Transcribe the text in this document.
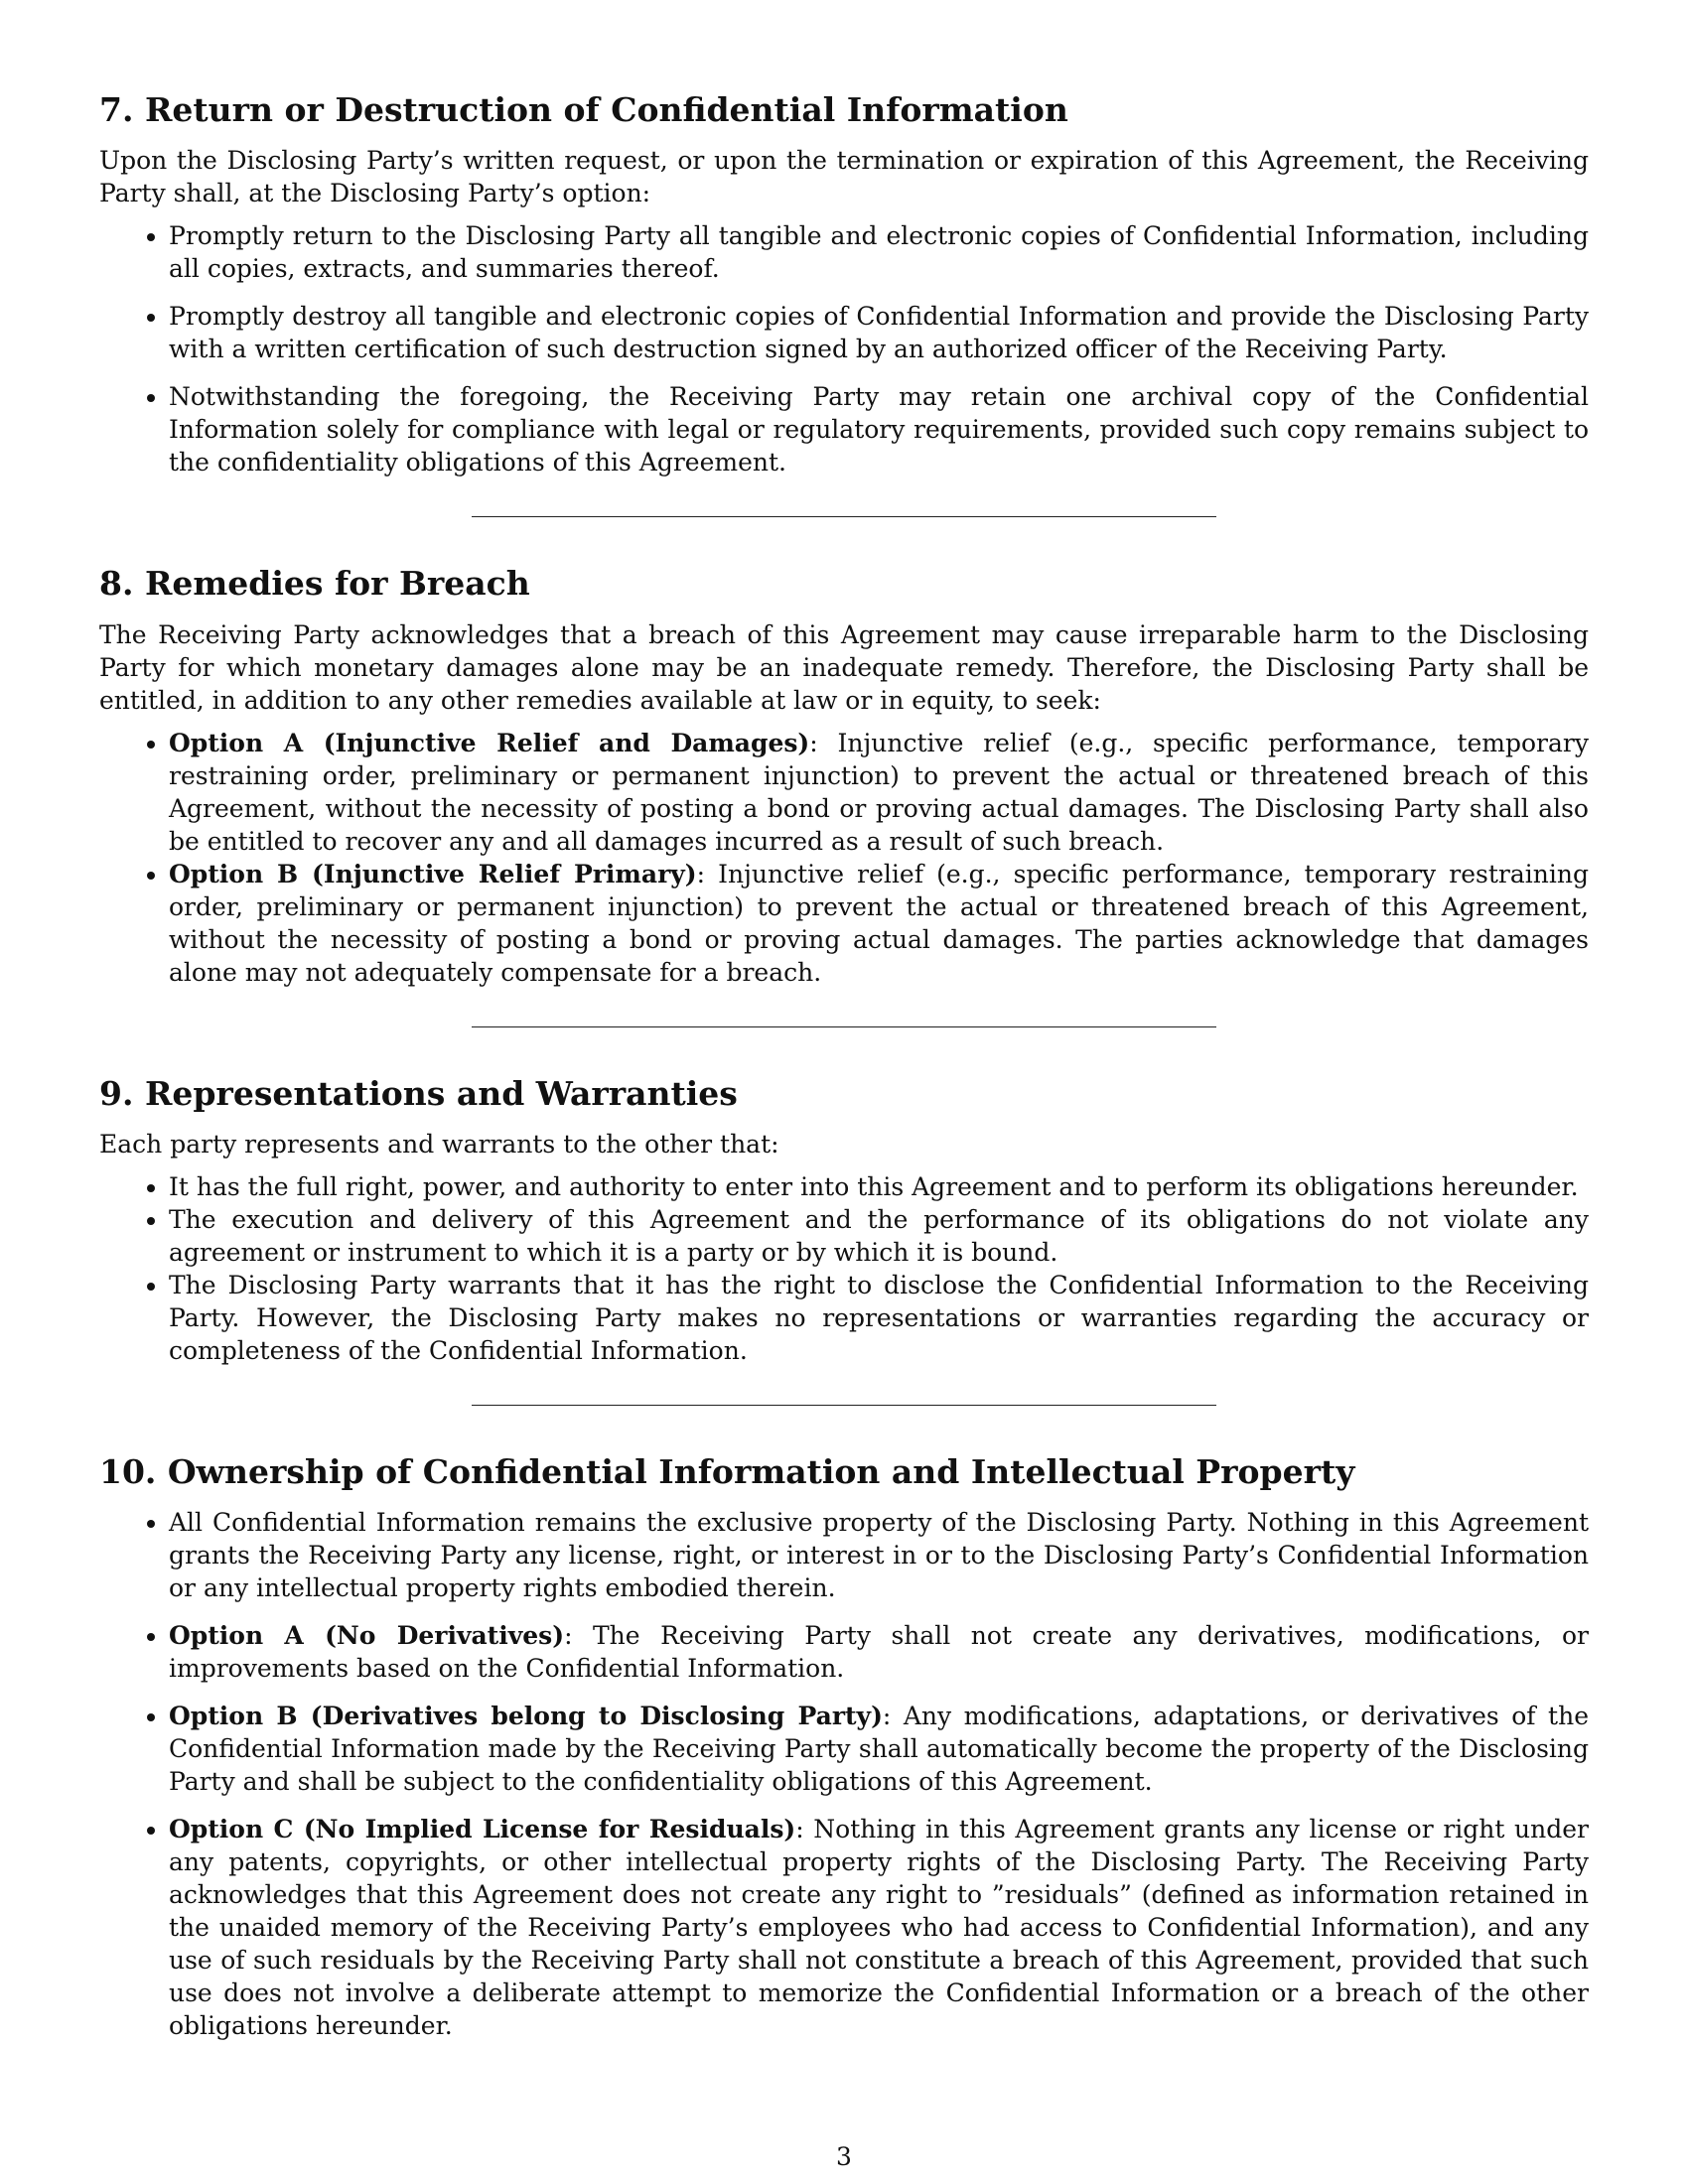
7. Return or Destruction of Confidential Information

Upon the Disclosing Party’s written request, or upon the termination or expiration of this Agreement, the Receiving Party shall, at the Disclosing Party’s option:

• Promptly return to the Disclosing Party all tangible and electronic copies of Confidential Information, including all copies, extracts, and summaries thereof.
• Promptly destroy all tangible and electronic copies of Confidential Information and provide the Disclosing Party with a written certification of such destruction signed by an authorized officer of the Receiving Party.
• Notwithstanding the foregoing, the Receiving Party may retain one archival copy of the Confidential Information solely for compliance with legal or regulatory requirements, provided such copy remains subject to the confidentiality obligations of this Agreement.
8. Remedies for Breach

The Receiving Party acknowledges that a breach of this Agreement may cause irreparable harm to the Disclosing Party for which monetary damages alone may be an inadequate remedy. Therefore, the Disclosing Party shall be entitled, in addition to any other remedies available at law or in equity, to seek:

• Option A (Injunctive Relief and Damages): Injunctive relief (e.g., specific performance, temporary restraining order, preliminary or permanent injunction) to prevent the actual or threatened breach of this Agreement, without the necessity of posting a bond or proving actual damages. The Disclosing Party shall also be entitled to recover any and all damages incurred as a result of such breach.
• Option B (Injunctive Relief Primary): Injunctive relief (e.g., specific performance, temporary restraining order, preliminary or permanent injunction) to prevent the actual or threatened breach of this Agreement, without the necessity of posting a bond or proving actual damages. The parties acknowledge that damages alone may not adequately compensate for a breach.
9. Representations and Warranties

Each party represents and warrants to the other that:

• It has the full right, power, and authority to enter into this Agreement and to perform its obligations hereunder.
• The execution and delivery of this Agreement and the performance of its obligations do not violate any agreement or instrument to which it is a party or by which it is bound.
• The Disclosing Party warrants that it has the right to disclose the Confidential Information to the Receiving Party. However, the Disclosing Party makes no representations or warranties regarding the accuracy or completeness of the Confidential Information.
10. Ownership of Confidential Information and Intellectual Property
• All Confidential Information remains the exclusive property of the Disclosing Party. Nothing in this Agreement grants the Receiving Party any license, right, or interest in or to the Disclosing Party’s Confidential Information or any intellectual property rights embodied therein.
• Option A (No Derivatives): The Receiving Party shall not create any derivatives, modifications, or improvements based on the Confidential Information.
• Option B (Derivatives belong to Disclosing Party): Any modifications, adaptations, or derivatives of the Confidential Information made by the Receiving Party shall automatically become the property of the Disclosing Party and shall be subject to the confidentiality obligations of this Agreement.
• Option C (No Implied License for Residuals): Nothing in this Agreement grants any license or right under any patents, copyrights, or other intellectual property rights of the Disclosing Party. The Receiving Party acknowledges that this Agreement does not create any right to ”residuals” (defined as information retained in the unaided memory of the Receiving Party’s employees who had access to Confidential Information), and any use of such residuals by the Receiving Party shall not constitute a breach of this Agreement, provided that such use does not involve a deliberate attempt to memorize the Confidential Information or a breach of the other obligations hereunder.
3
